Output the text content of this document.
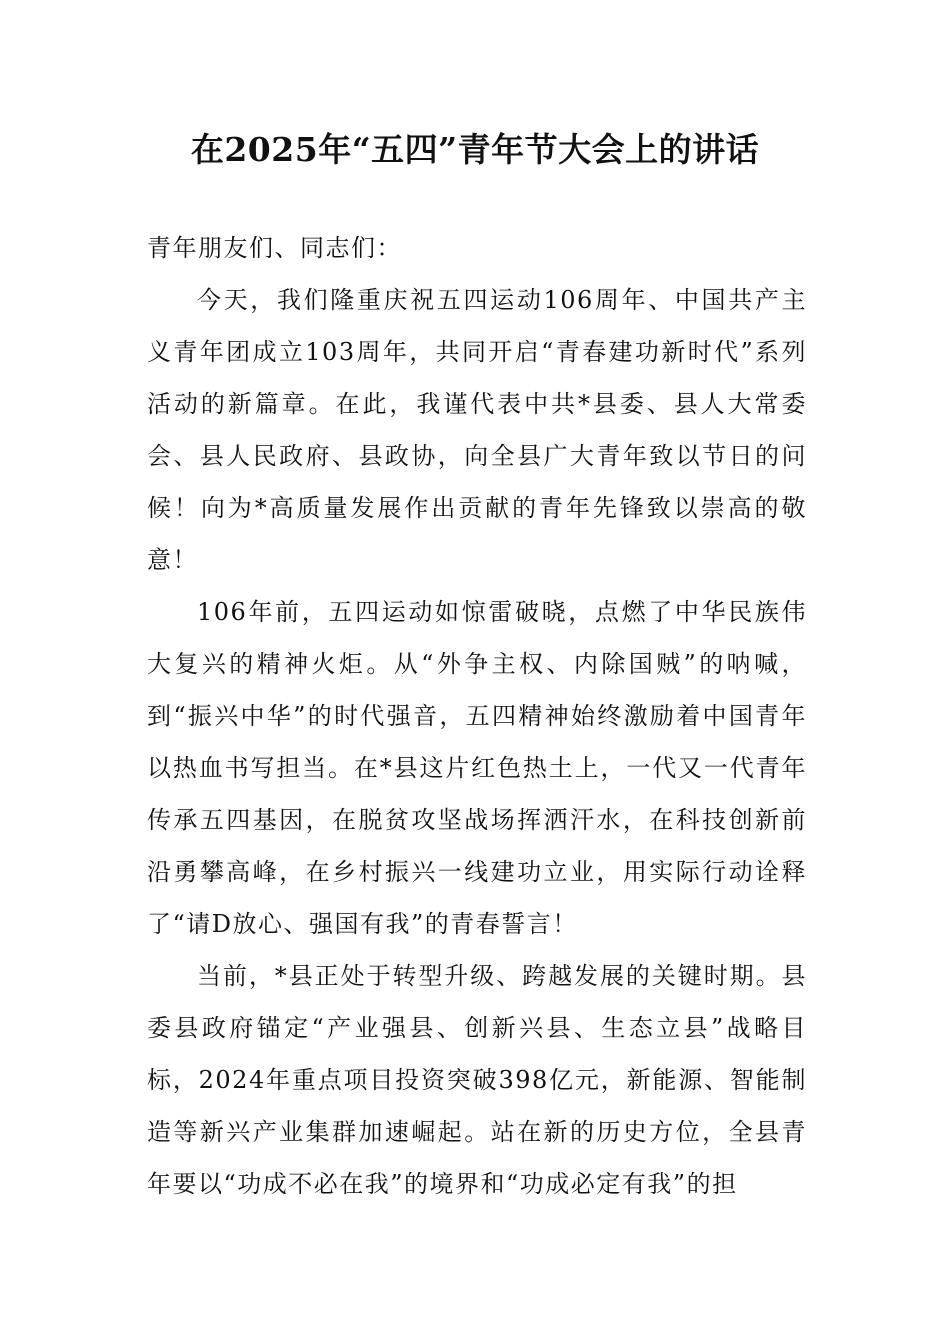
在2025年“五四”青年节大会上的讲话

青年朋友们、同志们：

今天，我们隆重庆祝五四运动106周年、中国共产主义青年团成立103周年，共同开启“青春建功新时代”系列活动的新篇章。在此，我谨代表中共*县委、县人大常委会、县人民政府、县政协，向全县广大青年致以节日的问候！向为*高质量发展作出贡献的青年先锋致以崇高的敬意！

106年前，五四运动如惊雷破晓，点燃了中华民族伟大复兴的精神火炬。从“外争主权、内除国贼”的呐喊，到“振兴中华”的时代强音，五四精神始终激励着中国青年以热血书写担当。在*县这片红色热土上，一代又一代青年传承五四基因，在脱贫攻坚战场挥洒汗水，在科技创新前沿勇攀高峰，在乡村振兴一线建功立业，用实际行动诠释了“请D放心、强国有我”的青春誓言！

当前，*县正处于转型升级、跨越发展的关键时期。县委县政府锚定“产业强县、创新兴县、生态立县”战略目标，2024年重点项目投资突破398亿元，新能源、智能制造等新兴产业集群加速崛起。站在新的历史方位，全县青年要以“功成不必在我”的境界和“功成必定有我”的担
